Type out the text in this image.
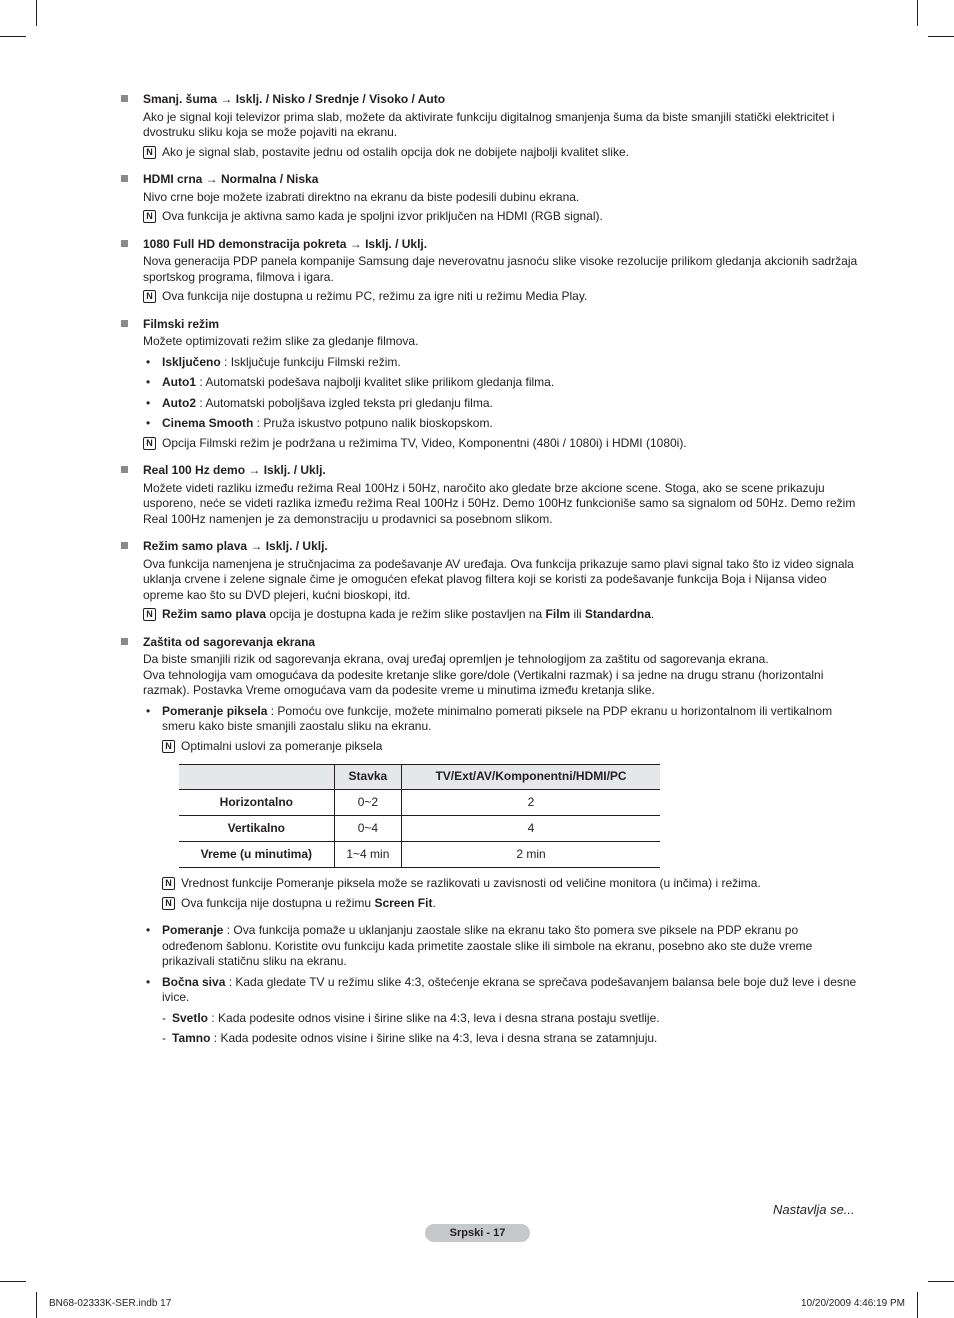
Smanj. šuma → Isklj. / Nisko / Srednje / Visoko / Auto
Ako je signal koji televizor prima slab, možete da aktivirate funkciju digitalnog smanjenja šuma da biste smanjili statički elektricitet i dvostruku sliku koja se može pojaviti na ekranu.
N Ako je signal slab, postavite jednu od ostalih opcija dok ne dobijete najbolji kvalitet slike.
HDMI crna → Normalna / Niska
Nivo crne boje možete izabrati direktno na ekranu da biste podesili dubinu ekrana.
N Ova funkcija je aktivna samo kada je spoljni izvor priključen na HDMI (RGB signal).
1080 Full HD demonstracija pokreta → Isklj. / Uklj.
Nova generacija PDP panela kompanije Samsung daje neverovatnu jasnoću slike visoke rezolucije prilikom gledanja akcionih sadržaja sportskog programa, filmova i igara.
N Ova funkcija nije dostupna u režimu PC, režimu za igre niti u režimu Media Play.
Filmski režim
Možete optimizovati režim slike za gledanje filmova.
• Isključeno : Isključuje funkciju Filmski režim.
• Auto1 : Automatski podešava najbolji kvalitet slike prilikom gledanja filma.
• Auto2 : Automatski poboljšava izgled teksta pri gledanju filma.
• Cinema Smooth : Pruža iskustvo potpuno nalik bioskopskom.
N Opcija Filmski režim je podržana u režimima TV, Video, Komponentni (480i / 1080i) i HDMI (1080i).
Real 100 Hz demo → Isklj. / Uklj.
Možete videti razliku između režima Real 100Hz i 50Hz, naročito ako gledate brze akcione scene. Stoga, ako se scene prikazuju usporeno, neće se videti razlika između režima Real 100Hz i 50Hz. Demo 100Hz funkcioniše samo sa signalom od 50Hz. Demo režim Real 100Hz namenjen je za demonstraciju u prodavnici sa posebnom slikom.
Režim samo plava → Isklj. / Uklj.
Ova funkcija namenjena je stručnjacima za podešavanje AV uređaja. Ova funkcija prikazuje samo plavi signal tako što iz video signala uklanja crvene i zelene signale čime je omogućen efekat plavog filtera koji se koristi za podešavanje funkcija Boja i Nijansa video opreme kao što su DVD plejeri, kućni bioskopi, itd.
N Režim samo plava opcija je dostupna kada je režim slike postavljen na Film ili Standardna.
Zaštita od sagorevanja ekrana
Da biste smanjili rizik od sagorevanja ekrana, ovaj uređaj opremljen je tehnologijom za zaštitu od sagorevanja ekrana.
Ova tehnologija vam omogućava da podesite kretanje slike gore/dole (Vertikalni razmak) i sa jedne na drugu stranu (horizontalni razmak). Postavka Vreme omogućava vam da podesite vreme u minutima između kretanja slike.
• Pomeranje piksela : Pomoću ove funkcije, možete minimalno pomerati piksele na PDP ekranu u horizontalnom ili vertikalnom smeru kako biste smanjili zaostalu sliku na ekranu.
N Optimalni uslovi za pomeranje piksela
	Stavka	TV/Ext/AV/Komponentni/HDMI/PC
Horizontalno	0~2	2
Vertikalno	0~4	4
Vreme (u minutima)	1~4 min	2 min
N Vrednost funkcije Pomeranje piksela može se razlikovati u zavisnosti od veličine monitora (u inčima) i režima.
N Ova funkcija nije dostupna u režimu Screen Fit.
• Pomeranje : Ova funkcija pomaže u uklanjanju zaostale slike na ekranu tako što pomera sve piksele na PDP ekranu po određenom šablonu. Koristite ovu funkciju kada primetite zaostale slike ili simbole na ekranu, posebno ako ste duže vreme prikazivali statičnu sliku na ekranu.
• Bočna siva : Kada gledate TV u režimu slike 4:3, oštećenje ekrana se sprečava podešavanjem balansa bele boje duž leve i desne ivice.
- Svetlo : Kada podesite odnos visine i širine slike na 4:3, leva i desna strana postaju svetlije.
- Tamno : Kada podesite odnos visine i širine slike na 4:3, leva i desna strana se zatamnjuju.
Nastavlja se...
Srpski - 17
BN68-02333K-SER.indb 17	10/20/2009 4:46:19 PM
